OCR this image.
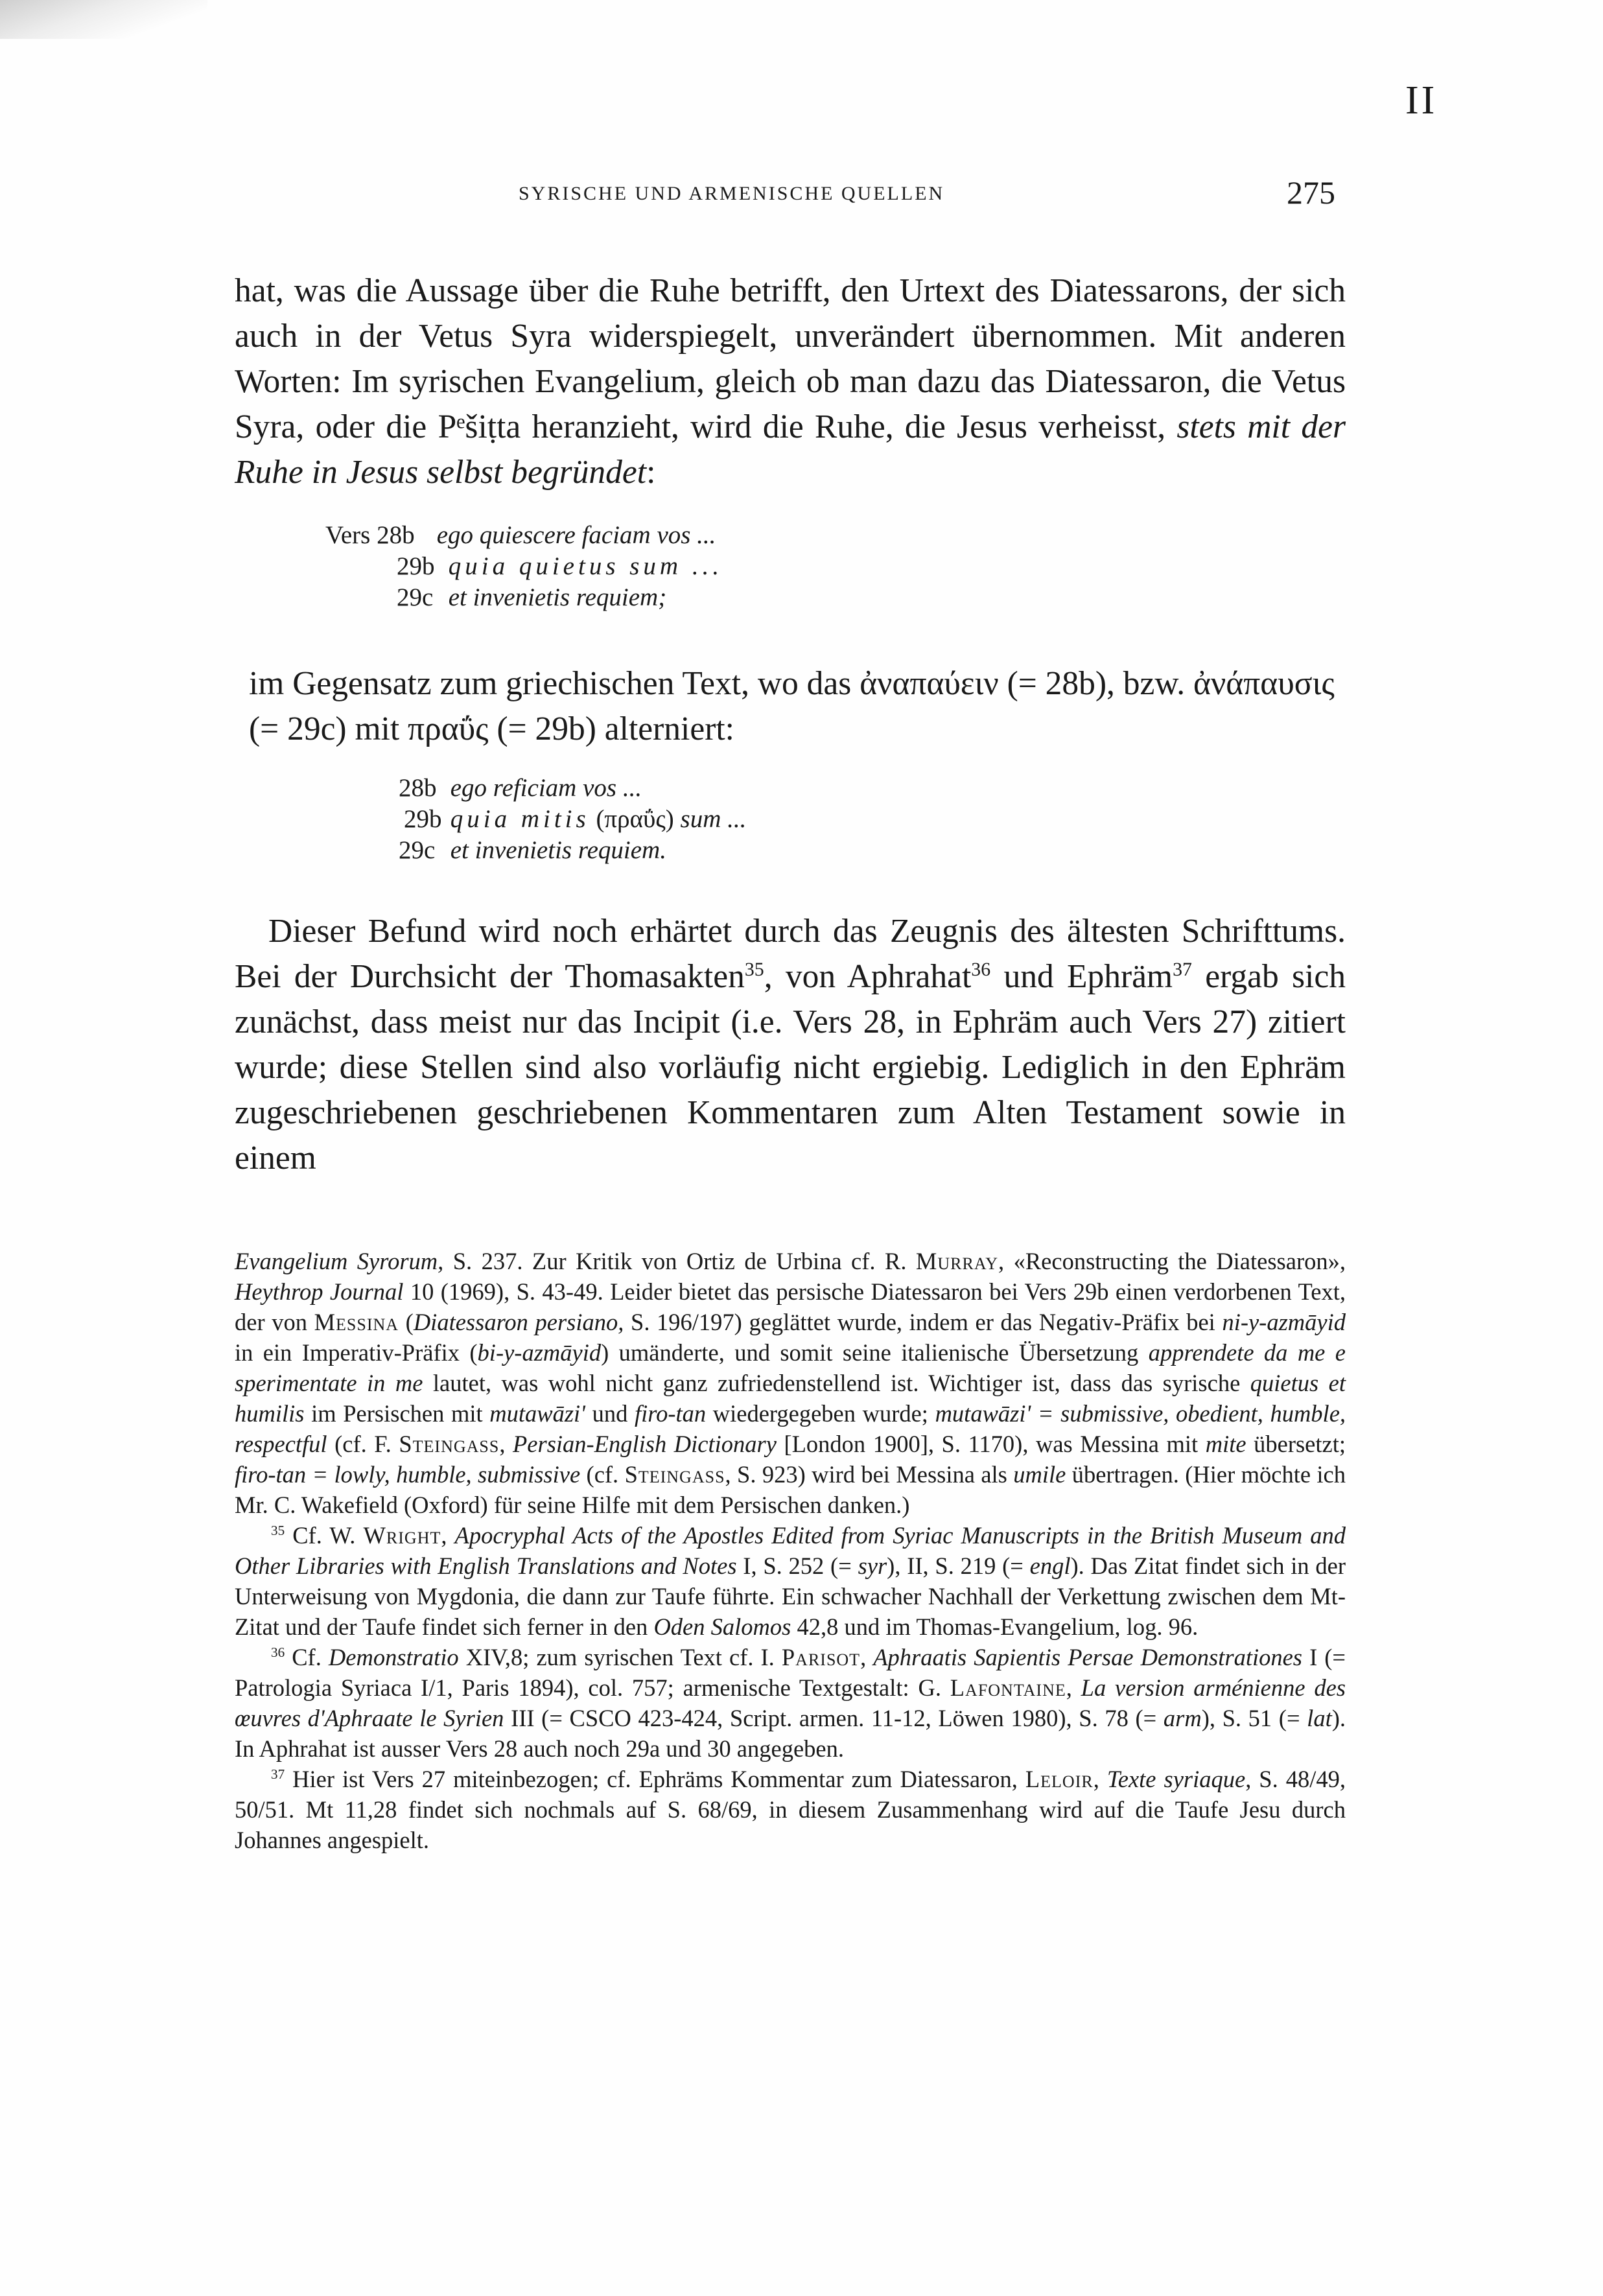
II
SYRISCHE UND ARMENISCHE QUELLEN	275

hat, was die Aussage über die Ruhe betrifft, den Urtext des Diatessarons, der sich auch in der Vetus Syra widerspiegelt, unverändert übernommen. Mit anderen Worten: Im syrischen Evangelium, gleich ob man dazu das Diatessaron, die Vetus Syra, oder die Pᵉšiṭta heranzieht, wird die Ruhe, die Jesus verheisst, stets mit der Ruhe in Jesus selbst begründet:

Vers 28b ego quiescere faciam vos ...
29b quia quietus sum ...
29c et invenietis requiem;

im Gegensatz zum griechischen Text, wo das ἀναπαύειν (= 28b), bzw. ἀνάπαυσις (= 29c) mit πραΰς (= 29b) alterniert:

28b ego reficiam vos ...
29b quia mitis (πραΰς) sum ...
29c et invenietis requiem.

Dieser Befund wird noch erhärtet durch das Zeugnis des ältesten Schrifttums. Bei der Durchsicht der Thomasakten$^{35}$, von Aphrahat$^{36}$ und Ephräm$^{37}$ ergab sich zunächst, dass meist nur das Incipit (i.e. Vers 28, in Ephräm auch Vers 27) zitiert wurde; diese Stellen sind also vorläufig nicht ergiebig. Lediglich in den Ephräm zugeschriebenen geschriebenen Kommentaren zum Alten Testament sowie in einem

Evangelium Syrorum, S. 237. Zur Kritik von Ortiz de Urbina cf. R. Murray, «Reconstructing the Diatessaron», Heythrop Journal 10 (1969), S. 43-49. Leider bietet das persische Diatessaron bei Vers 29b einen verdorbenen Text, der von Messina (Diatessaron persiano, S. 196/197) geglättet wurde, indem er das Negativ-Präfix bei ni-y-azmāyid in ein Imperativ-Präfix (bi-y-azmāyid) umänderte, und somit seine italienische Übersetzung apprendete da me e sperimentate in me lautet, was wohl nicht ganz zufriedenstellend ist. Wichtiger ist, dass das syrische quietus et humilis im Persischen mit mutawāzi' und firo-tan wiedergegeben wurde; mutawāzi' = submissive, obedient, humble, respectful (cf. F. Steingass, Persian-English Dictionary [London 1900], S. 1170), was Messina mit mite übersetzt; firo-tan = lowly, humble, submissive (cf. Steingass, S. 923) wird bei Messina als umile übertragen. (Hier möchte ich Mr. C. Wakefield (Oxford) für seine Hilfe mit dem Persischen danken.)

$^{35}$ Cf. W. Wright, Apocryphal Acts of the Apostles Edited from Syriac Manuscripts in the British Museum and Other Libraries with English Translations and Notes I, S. 252 (= syr), II, S. 219 (= engl). Das Zitat findet sich in der Unterweisung von Mygdonia, die dann zur Taufe führte. Ein schwacher Nachhall der Verkettung zwischen dem Mt-Zitat und der Taufe findet sich ferner in den Oden Salomos 42,8 und im Thomas-Evangelium, log. 96.

$^{36}$ Cf. Demonstratio XIV,8; zum syrischen Text cf. I. Parisot, Aphraatis Sapientis Persae Demonstrationes I (= Patrologia Syriaca I/1, Paris 1894), col. 757; armenische Textgestalt: G. Lafontaine, La version arménienne des œuvres d'Aphraate le Syrien III (= CSCO 423-424, Script. armen. 11-12, Löwen 1980), S. 78 (= arm), S. 51 (= lat). In Aphrahat ist ausser Vers 28 auch noch 29a und 30 angegeben.

$^{37}$ Hier ist Vers 27 miteinbezogen; cf. Ephräms Kommentar zum Diatessaron, Leloir, Texte syriaque, S. 48/49, 50/51. Mt 11,28 findet sich nochmals auf S. 68/69, in diesem Zusammenhang wird auf die Taufe Jesu durch Johannes angespielt.
